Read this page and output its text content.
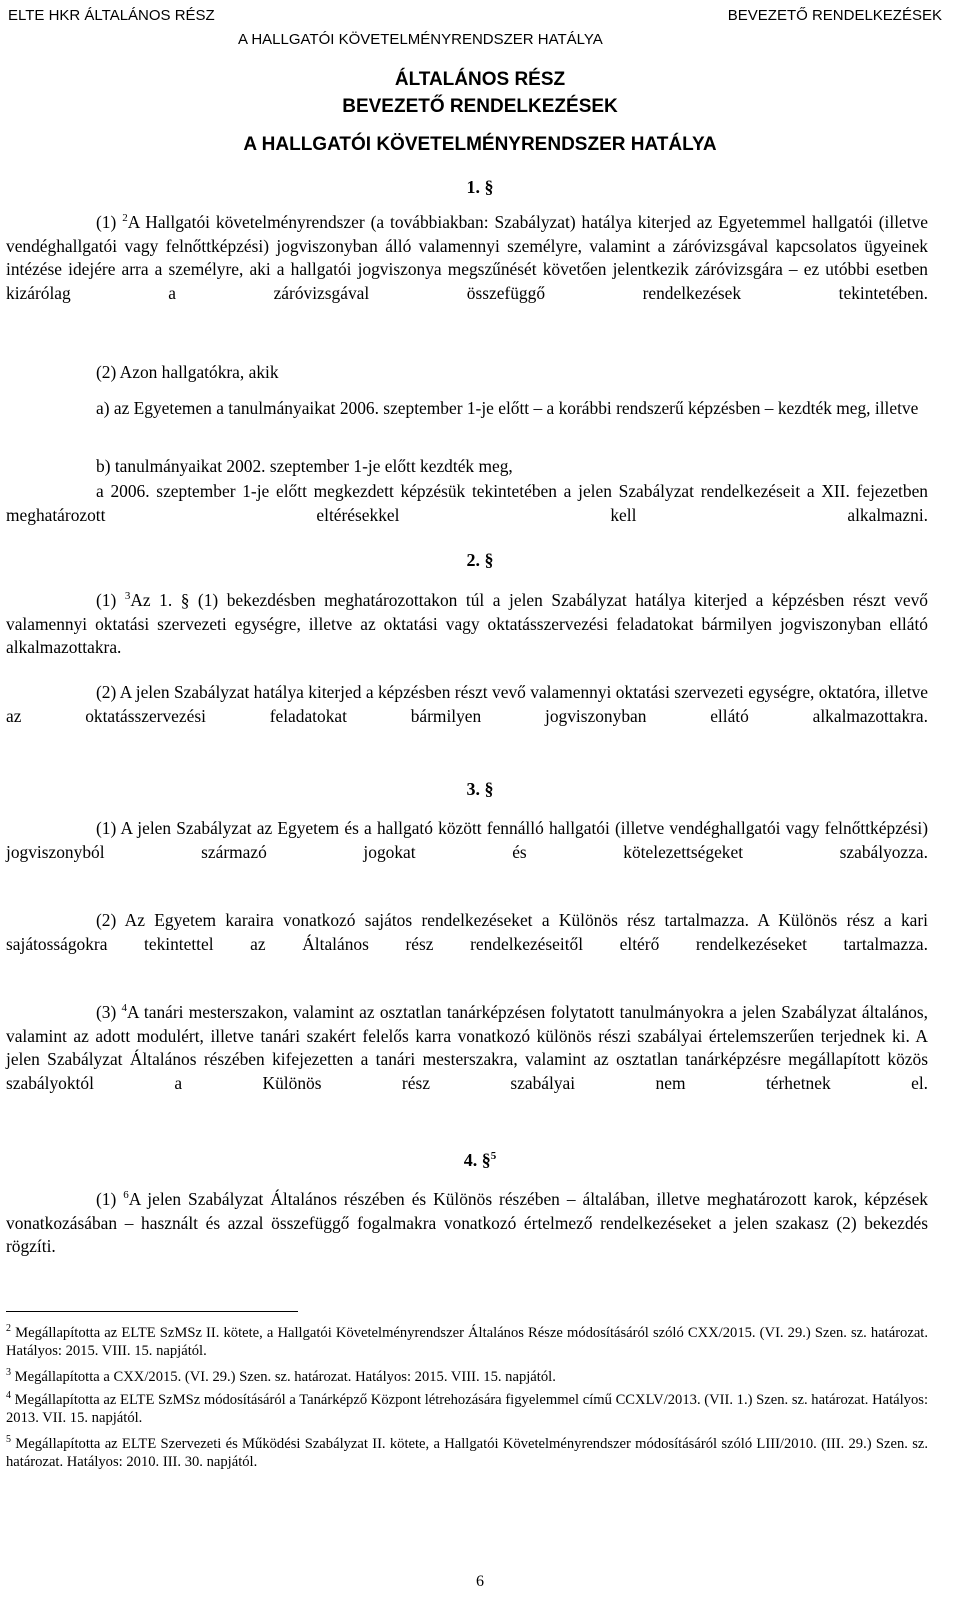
ELTE HKR ÁLTALÁNOS RÉSZ	BEVEZETŐ RENDELKEZÉSEK
A HALLGATÓI KÖVETELMÉNYRENDSZER HATÁLYA
ÁLTALÁNOS RÉSZ
BEVEZETŐ RENDELKEZÉSEK
A HALLGATÓI KÖVETELMÉNYRENDSZER HATÁLYA
1. §
(1) $^2$A Hallgatói követelményrendszer (a továbbiakban: Szabályzat) hatálya kiterjed az Egyetemmel hallgatói (illetve vendéghallgatói vagy felnőttképzési) jogviszonyban álló valamennyi személyre, valamint a záróvizsgával kapcsolatos ügyeinek intézése idejére arra a személyre, aki a hallgatói jogviszonya megszűnését követően jelentkezik záróvizsgára – ez utóbbi esetben kizárólag a záróvizsgával összefüggő rendelkezések tekintetében.
(2) Azon hallgatókra, akik
a) az Egyetemen a tanulmányaikat 2006. szeptember 1-je előtt – a korábbi rendszerű képzésben – kezdték meg, illetve
b) tanulmányaikat 2002. szeptember 1-je előtt kezdték meg,
a 2006. szeptember 1-je előtt megkezdett képzésük tekintetében a jelen Szabályzat rendelkezéseit a XII. fejezetben meghatározott eltérésekkel kell alkalmazni.
2. §
(1) $^3$Az 1. § (1) bekezdésben meghatározottakon túl a jelen Szabályzat hatálya kiterjed a képzésben részt vevő valamennyi oktatási szervezeti egységre, illetve az oktatási vagy oktatásszervezési feladatokat bármilyen jogviszonyban ellátó alkalmazottakra.
(2) A jelen Szabályzat hatálya kiterjed a képzésben részt vevő valamennyi oktatási szervezeti egységre, oktatóra, illetve az oktatásszervezési feladatokat bármilyen jogviszonyban ellátó alkalmazottakra.
3. §
(1) A jelen Szabályzat az Egyetem és a hallgató között fennálló hallgatói (illetve vendéghallgatói vagy felnőttképzési) jogviszonyból származó jogokat és kötelezettségeket szabályozza.
(2) Az Egyetem karaira vonatkozó sajátos rendelkezéseket a Különös rész tartalmazza. A Különös rész a kari sajátosságokra tekintettel az Általános rész rendelkezéseitől eltérő rendelkezéseket tartalmazza.
(3) $^4$A tanári mesterszakon, valamint az osztatlan tanárképzésen folytatott tanulmányokra a jelen Szabályzat általános, valamint az adott modulért, illetve tanári szakért felelős karra vonatkozó különös részi szabályai értelemszerűen terjednek ki. A jelen Szabályzat Általános részében kifejezetten a tanári mesterszakra, valamint az osztatlan tanárképzésre megállapított közös szabályoktól a Különös rész szabályai nem térhetnek el.
4. §$^5$
(1) $^6$A jelen Szabályzat Általános részében és Különös részében – általában, illetve meghatározott karok, képzések vonatkozásában – használt és azzal összefüggő fogalmakra vonatkozó értelmező rendelkezéseket a jelen szakasz (2) bekezdés rögzíti.
$^2$ Megállapította az ELTE SzMSz II. kötete, a Hallgatói Követelményrendszer Általános Része módosításáról szóló CXX/2015. (VI. 29.) Szen. sz. határozat. Hatályos: 2015. VIII. 15. napjától.
$^3$ Megállapította a CXX/2015. (VI. 29.) Szen. sz. határozat. Hatályos: 2015. VIII. 15. napjától.
$^4$ Megállapította az ELTE SzMSz módosításáról a Tanárképző Központ létrehozására figyelemmel című CCXLV/2013. (VII. 1.) Szen. sz. határozat. Hatályos: 2013. VII. 15. napjától.
$^5$ Megállapította az ELTE Szervezeti és Működési Szabályzat II. kötete, a Hallgatói Követelményrendszer módosításáról szóló LIII/2010. (III. 29.) Szen. sz. határozat. Hatályos: 2010. III. 30. napjától.
6
